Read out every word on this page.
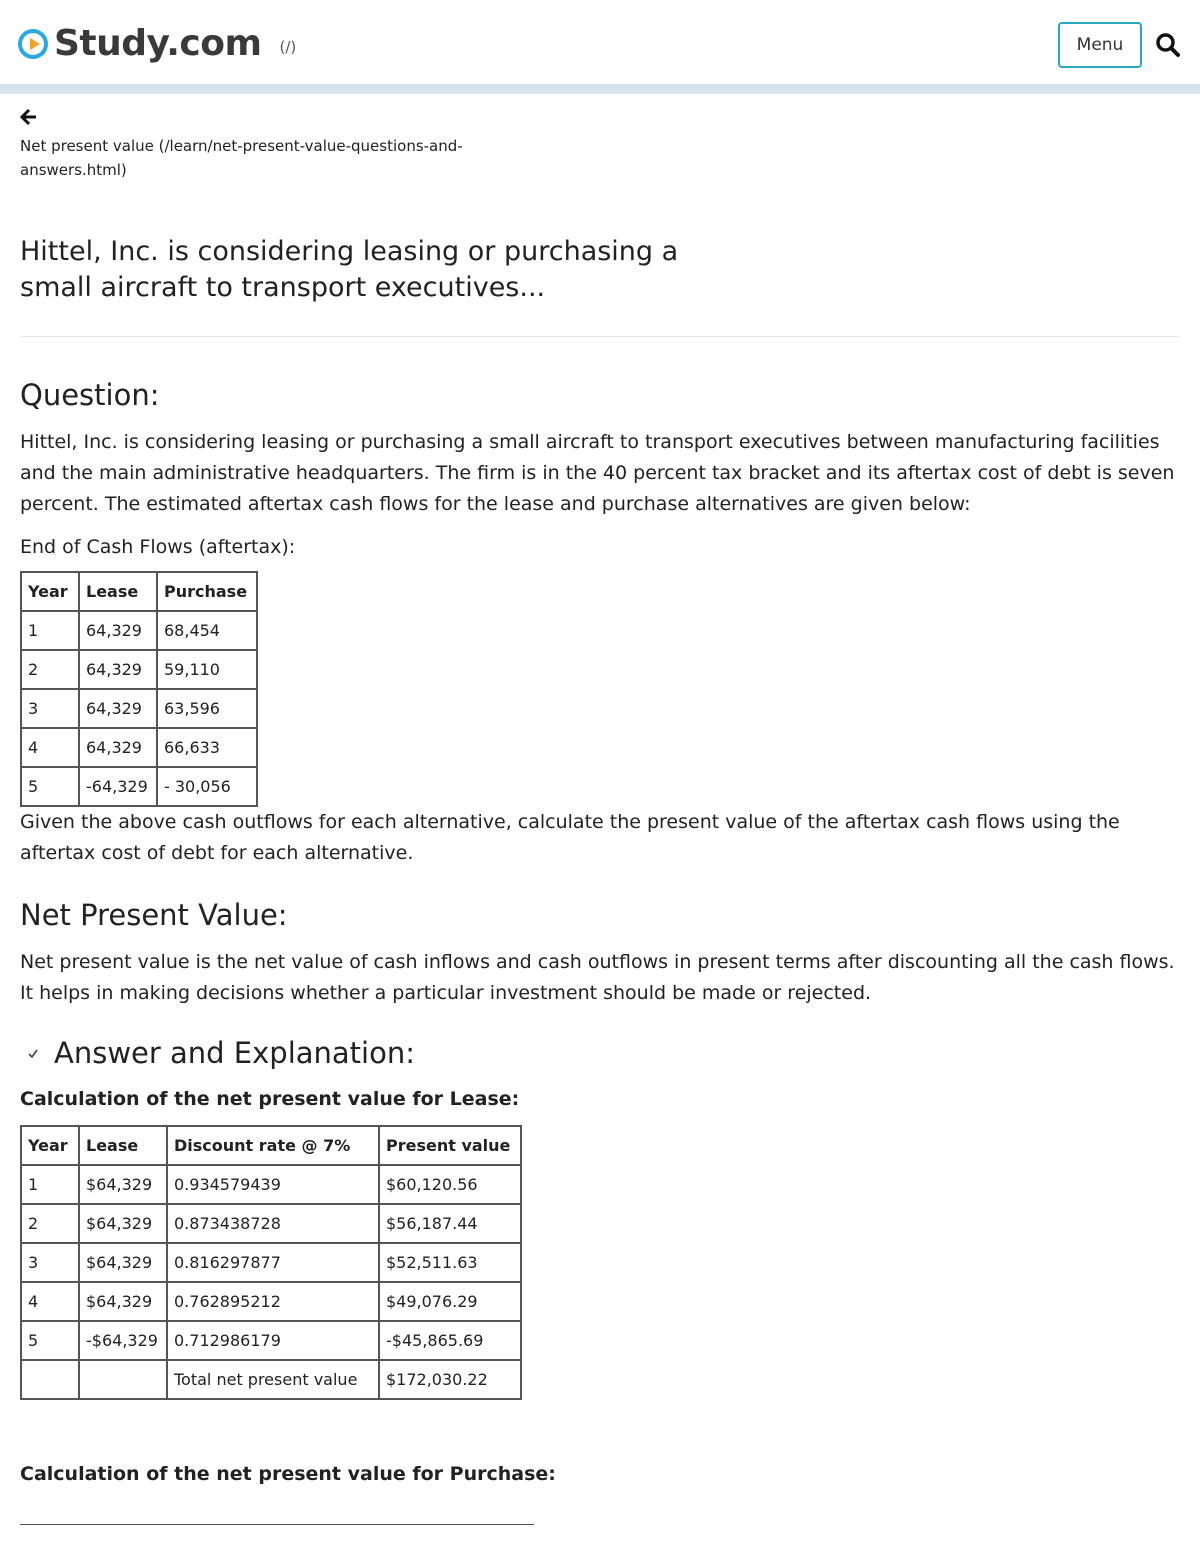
Study.com (/)	Menu
Net present value (/learn/net-present-value-questions-and-answers.html)
Hittel, Inc. is considering leasing or purchasing a small aircraft to transport executives...
Question:

Hittel, Inc. is considering leasing or purchasing a small aircraft to transport executives between manufacturing facilities and the main administrative headquarters. The firm is in the 40 percent tax bracket and its aftertax cost of debt is seven percent. The estimated aftertax cash flows for the lease and purchase alternatives are given below:

End of Cash Flows (aftertax):

Year	Lease	Purchase
1	64,329	68,454
2	64,329	59,110
3	64,329	63,596
4	64,329	66,633
5	-64,329	- 30,056

Given the above cash outflows for each alternative, calculate the present value of the aftertax cash flows using the aftertax cost of debt for each alternative.

Net Present Value:

Net present value is the net value of cash inflows and cash outflows in present terms after discounting all the cash flows. It helps in making decisions whether a particular investment should be made or rejected.

Answer and Explanation:
Calculation of the net present value for Lease:
Year	Lease	Discount rate @ 7%	Present value
1	$64,329	0.934579439	$60,120.56
2	$64,329	0.873438728	$56,187.44
3	$64,329	0.816297877	$52,511.63
4	$64,329	0.762895212	$49,076.29
5	-$64,329	0.712986179	-$45,865.69
		Total net present value	$172,030.22
Calculation of the net present value for Purchase:
